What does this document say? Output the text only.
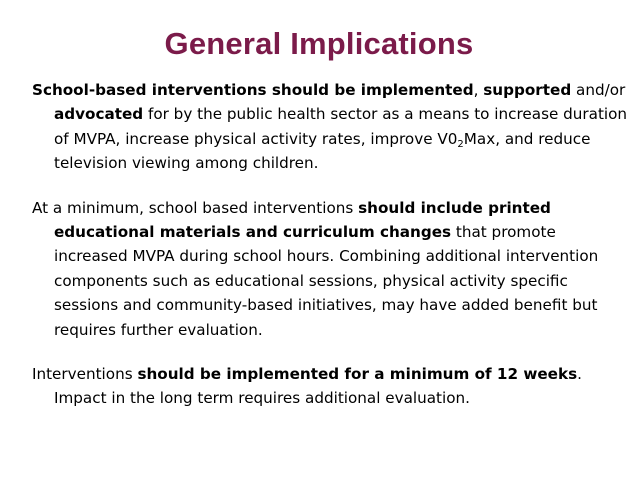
General Implications

School-based interventions should be implemented, supported and/or advocated for by the public health sector as a means to increase duration of MVPA, increase physical activity rates, improve $V0_2Max$, and reduce television viewing among children.

At a minimum, school based interventions should include printed educational materials and curriculum changes that promote increased MVPA during school hours. Combining additional intervention components such as educational sessions, physical activity specific sessions and community-based initiatives, may have added benefit but requires further evaluation.

Interventions should be implemented for a minimum of 12 weeks. Impact in the long term requires additional evaluation.
